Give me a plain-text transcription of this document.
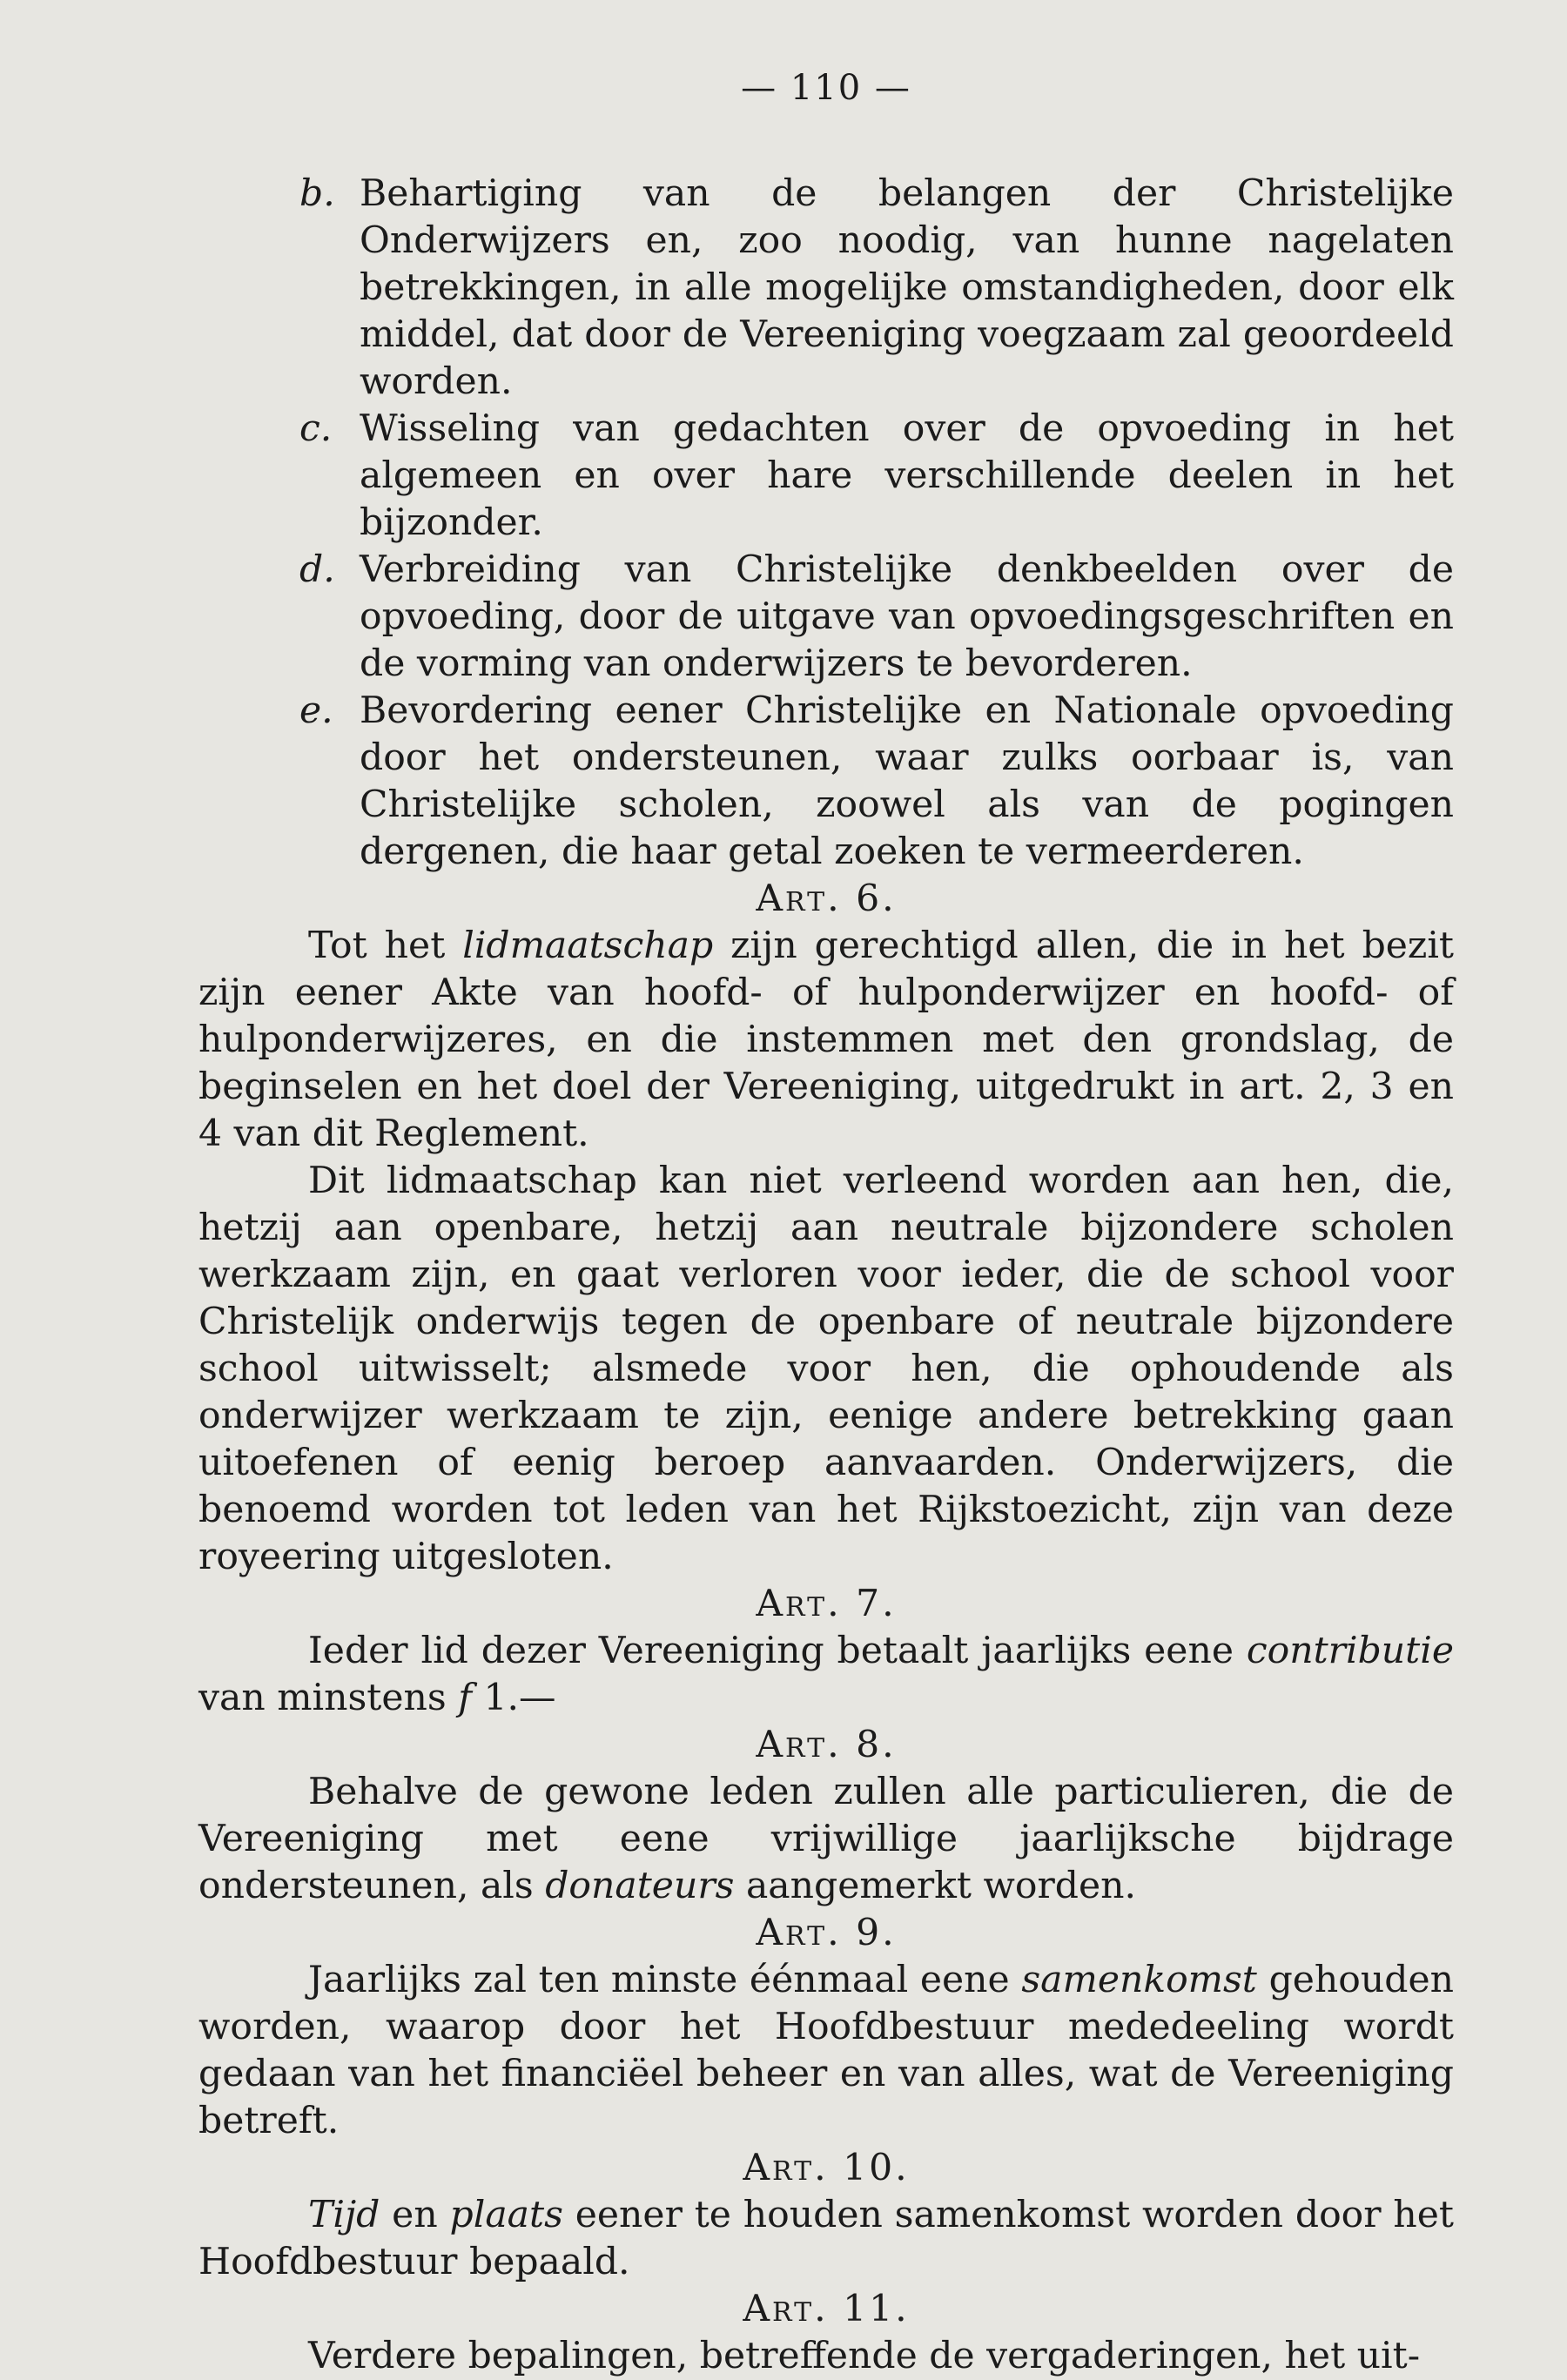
— 110 —
b. Behartiging van de belangen der Christelijke Onderwijzers en, zoo noodig, van hunne nagelaten betrekkingen, in alle mogelijke omstandigheden, door elk middel, dat door de Vereeniging voegzaam zal geoordeeld worden.
c. Wisseling van gedachten over de opvoeding in het algemeen en over hare verschillende deelen in het bijzonder.
d. Verbreiding van Christelijke denkbeelden over de opvoeding, door de uitgave van opvoedingsgeschriften en de vorming van onderwijzers te bevorderen.
e. Bevordering eener Christelijke en Nationale opvoeding door het ondersteunen, waar zulks oorbaar is, van Christelijke scholen, zoowel als van de pogingen dergenen, die haar getal zoeken te vermeerderen.
Art. 6.

Tot het lidmaatschap zijn gerechtigd allen, die in het bezit zijn eener Akte van hoofd- of hulponderwijzer en hoofd- of hulponderwijzeres, en die instemmen met den grondslag, de beginselen en het doel der Vereeniging, uitgedrukt in art. 2, 3 en 4 van dit Reglement.

Dit lidmaatschap kan niet verleend worden aan hen, die, hetzij aan openbare, hetzij aan neutrale bijzondere scholen werkzaam zijn, en gaat verloren voor ieder, die de school voor Christelijk onderwijs tegen de openbare of neutrale bijzondere school uitwisselt; alsmede voor hen, die ophoudende als onderwijzer werkzaam te zijn, eenige andere betrekking gaan uitoefenen of eenig beroep aanvaarden. Onderwijzers, die benoemd worden tot leden van het Rijkstoezicht, zijn van deze royeering uitgesloten.

Art. 7.

Ieder lid dezer Vereeniging betaalt jaarlijks eene contributie van minstens f 1.—

Art. 8.

Behalve de gewone leden zullen alle particulieren, die de Vereeniging met eene vrijwillige jaarlijksche bijdrage ondersteunen, als donateurs aangemerkt worden.

Art. 9.

Jaarlijks zal ten minste éénmaal eene samenkomst gehouden worden, waarop door het Hoofdbestuur mededeeling wordt gedaan van het financiëel beheer en van alles, wat de Vereeniging betreft.

Art. 10.

Tijd en plaats eener te houden samenkomst worden door het Hoofdbestuur bepaald.

Art. 11.

Verdere bepalingen, betreffende de vergaderingen, het uit-
